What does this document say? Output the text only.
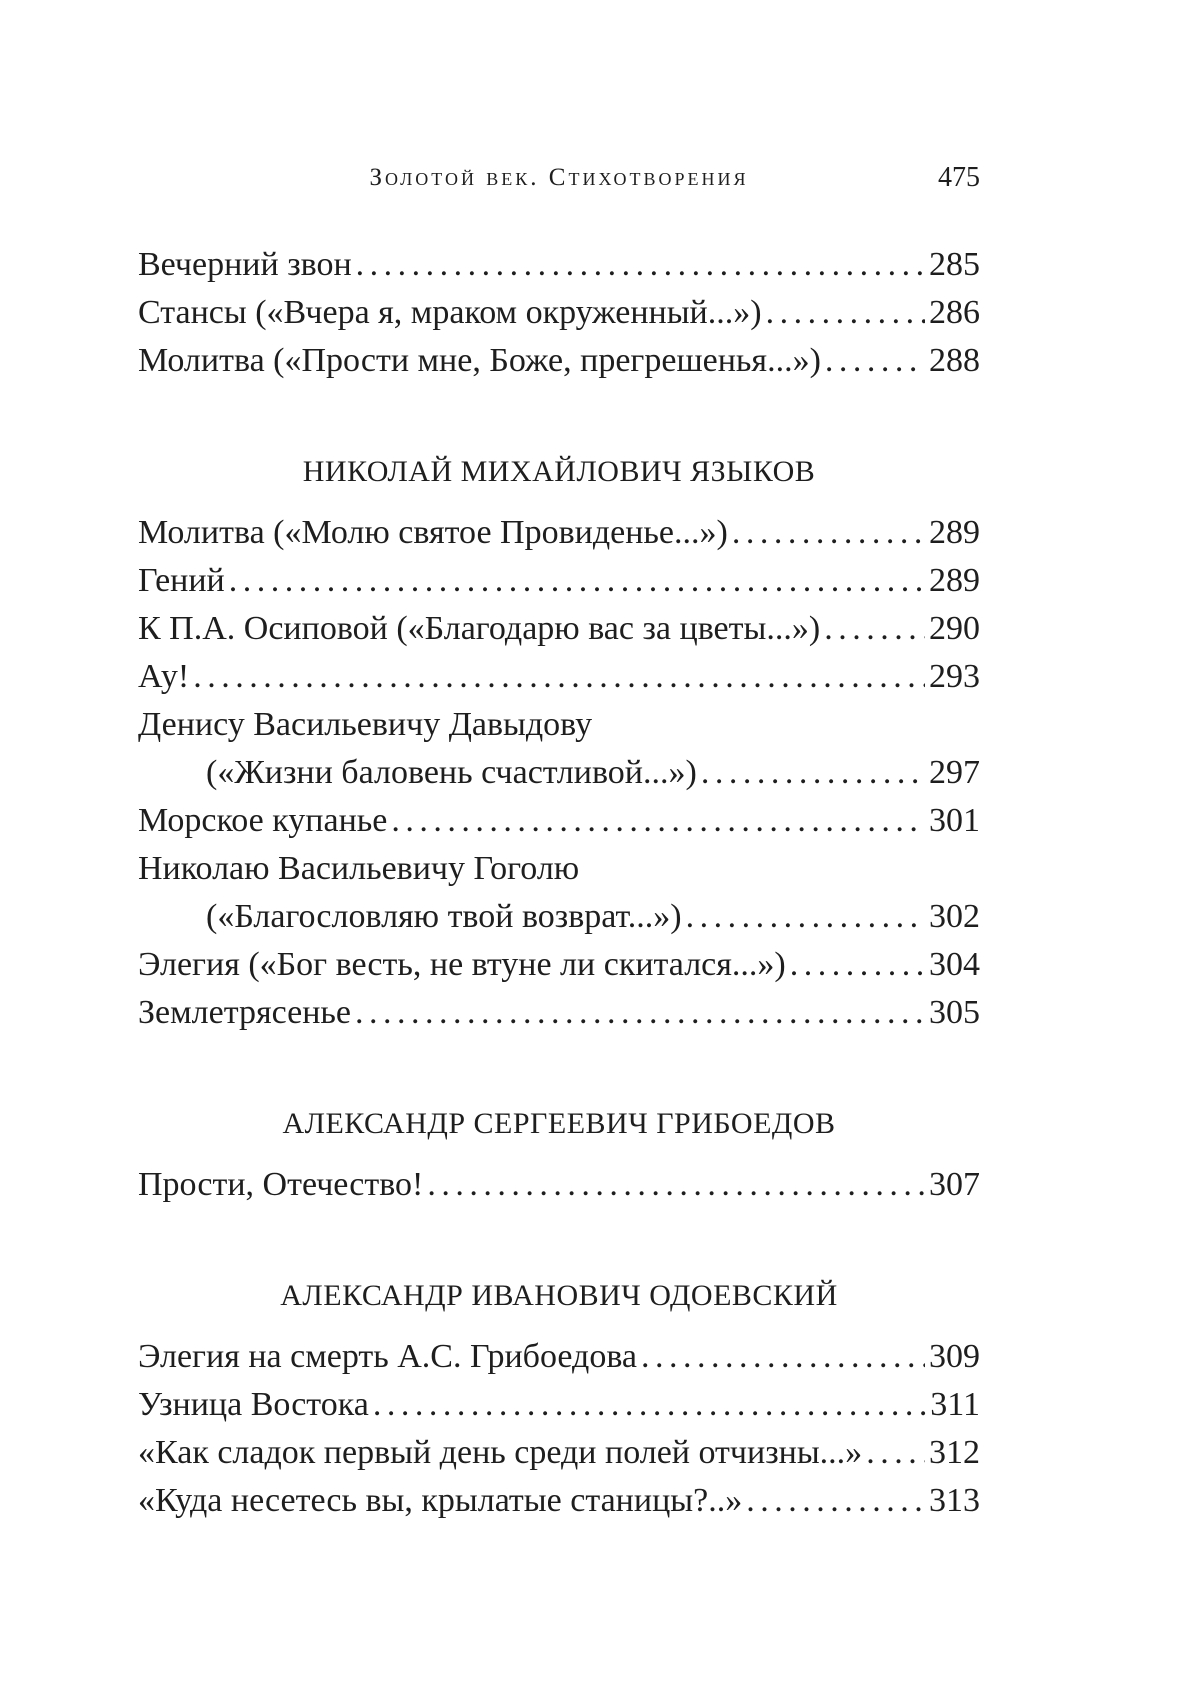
Золотой век. Стихотворения	475
Вечерний звон . . .	285
Стансы («Вчера я, мраком окруженный...») . . .	286
Молитва («Прости мне, Боже, прегрешенья...») . . .	288
НИКОЛАЙ МИХАЙЛОВИЧ ЯЗЫКОВ
Молитва («Молю святое Провиденье...») . . .	289
Гений . . .	289
К П.А. Осиповой («Благодарю вас за цветы...») . . .	290
Ау! . . .	293
Денису Васильевичу Давыдову
(«Жизни баловень счастливой...») . . .	297
Морское купанье . . .	301
Николаю Васильевичу Гоголю
(«Благословляю твой возврат...») . . .	302
Элегия («Бог весть, не втуне ли скитался...») . . .	304
Землетрясенье . . .	305
АЛЕКСАНДР СЕРГЕЕВИЧ ГРИБОЕДОВ
Прости, Отечество! . . .	307
АЛЕКСАНДР ИВАНОВИЧ ОДОЕВСКИЙ
Элегия на смерть А.С. Грибоедова . . .	309
Узница Востока . . .	311
«Как сладок первый день среди полей отчизны...» . . . 312
«Куда несетесь вы, крылатые станицы?..» . . .	313
